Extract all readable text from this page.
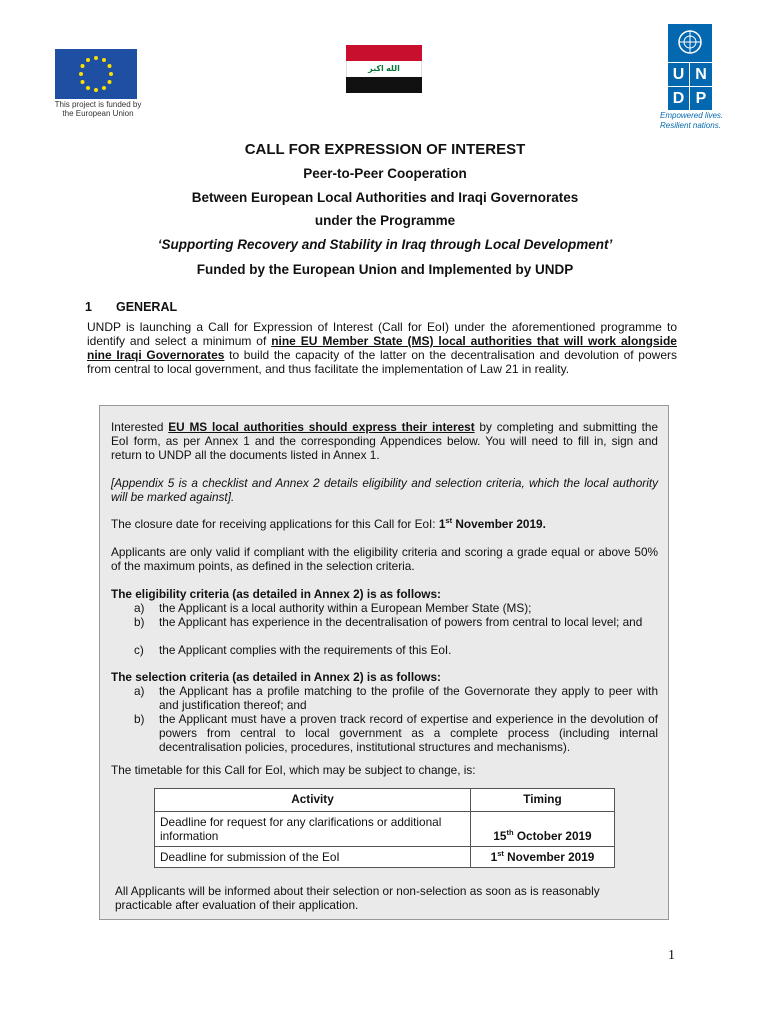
This project is funded by the European Union
الله اكبر	U N
D P
Empowered lives.
Resilient nations.
CALL FOR EXPRESSION OF INTEREST
Peer-to-Peer Cooperation
Between European Local Authorities and Iraqi Governorates
under the Programme
‘Supporting Recovery and Stability in Iraq through Local Development’
Funded by the European Union and Implemented by UNDP
1 GENERAL
UNDP is launching a Call for Expression of Interest (Call for EoI) under the aforementioned programme to identify and select a minimum of nine EU Member State (MS) local authorities that will work alongside nine Iraqi Governorates to build the capacity of the latter on the decentralisation and devolution of powers from central to local government, and thus facilitate the implementation of Law 21 in reality.
Interested EU MS local authorities should express their interest by completing and submitting the EoI form, as per Annex 1 and the corresponding Appendices below. You will need to fill in, sign and return to UNDP all the documents listed in Annex 1.
[Appendix 5 is a checklist and Annex 2 details eligibility and selection criteria, which the local authority will be marked against].
The closure date for receiving applications for this Call for EoI: 1st November 2019.
Applicants are only valid if compliant with the eligibility criteria and scoring a grade equal or above 50% of the maximum points, as defined in the selection criteria.
The eligibility criteria (as detailed in Annex 2) is as follows:
a) the Applicant is a local authority within a European Member State (MS);
b) the Applicant has experience in the decentralisation of powers from central to local level; and
c) the Applicant complies with the requirements of this EoI.
The selection criteria (as detailed in Annex 2) is as follows:
a) the Applicant has a profile matching to the profile of the Governorate they apply to peer with and justification thereof; and
b) the Applicant must have a proven track record of expertise and experience in the devolution of powers from central to local government as a complete process (including internal decentralisation policies, procedures, institutional structures and mechanisms).
The timetable for this Call for EoI, which may be subject to change, is:
Activity	Timing
Deadline for request for any clarifications or additional information	15th October 2019
Deadline for submission of the EoI	1st November 2019
All Applicants will be informed about their selection or non-selection as soon as is reasonably practicable after evaluation of their application.
1
